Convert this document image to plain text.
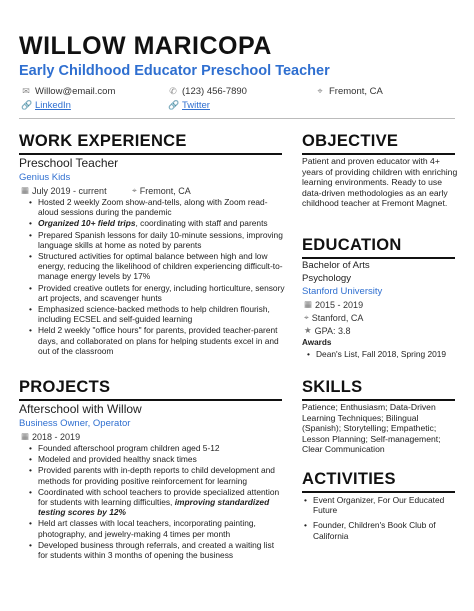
WILLOW MARICOPA
Early Childhood Educator Preschool Teacher
✉ Willow@email.com	✆ (123) 456-7890	⌖ Fremont, CA
🔗 LinkedIn	🔗 Twitter
WORK EXPERIENCE
Preschool Teacher
Genius Kids
▦ July 2019 - current	⌖ Fremont, CA
• Hosted 2 weekly Zoom show-and-tells, along with Zoom read-aloud sessions during the pandemic
• Organized 10+ field trips, coordinating with staff and parents
• Prepared Spanish lessons for daily 10-minute sessions, improving language skills at home as noted by parents
• Structured activities for optimal balance between high and low energy, reducing the likelihood of children experiencing difficult-to-manage energy levels by 17%
• Provided creative outlets for energy, including horticulture, sensory art projects, and scavenger hunts
• Emphasized science-backed methods to help children flourish, including ECSEL and self-guided learning
• Held 2 weekly "office hours" for parents, provided teacher-parent days, and collaborated on plans for helping students excel in and out of the classroom
PROJECTS
Afterschool with Willow
Business Owner, Operator
▦ 2018 - 2019
• Founded afterschool program children aged 5-12
• Modeled and provided healthy snack times
• Provided parents with in-depth reports to child development and methods for providing positive reinforcement for learning
• Coordinated with school teachers to provide specialized attention for students with learning difficulties, improving standardized testing scores by 12%
• Held art classes with local teachers, incorporating painting, photography, and jewelry-making 4 times per month
• Developed business through referrals, and created a waiting list for students within 3 months of opening the business
OBJECTIVE
Patient and proven educator with 4+ years of providing children with enriching learning environments. Ready to use data-driven methodologies as an early childhood teacher at Fremont Magnet.
EDUCATION
Bachelor of Arts
Psychology
Stanford University
▦ 2015 - 2019
⌖ Stanford, CA
★ GPA: 3.8
Awards
• Dean's List, Fall 2018, Spring 2019
SKILLS
Patience; Enthusiasm; Data-Driven Learning Techniques; Bilingual (Spanish); Storytelling; Empathetic; Lesson Planning; Self-management; Clear Communication
ACTIVITIES
• Event Organizer, For Our Educated Future
• Founder, Children's Book Club of California
